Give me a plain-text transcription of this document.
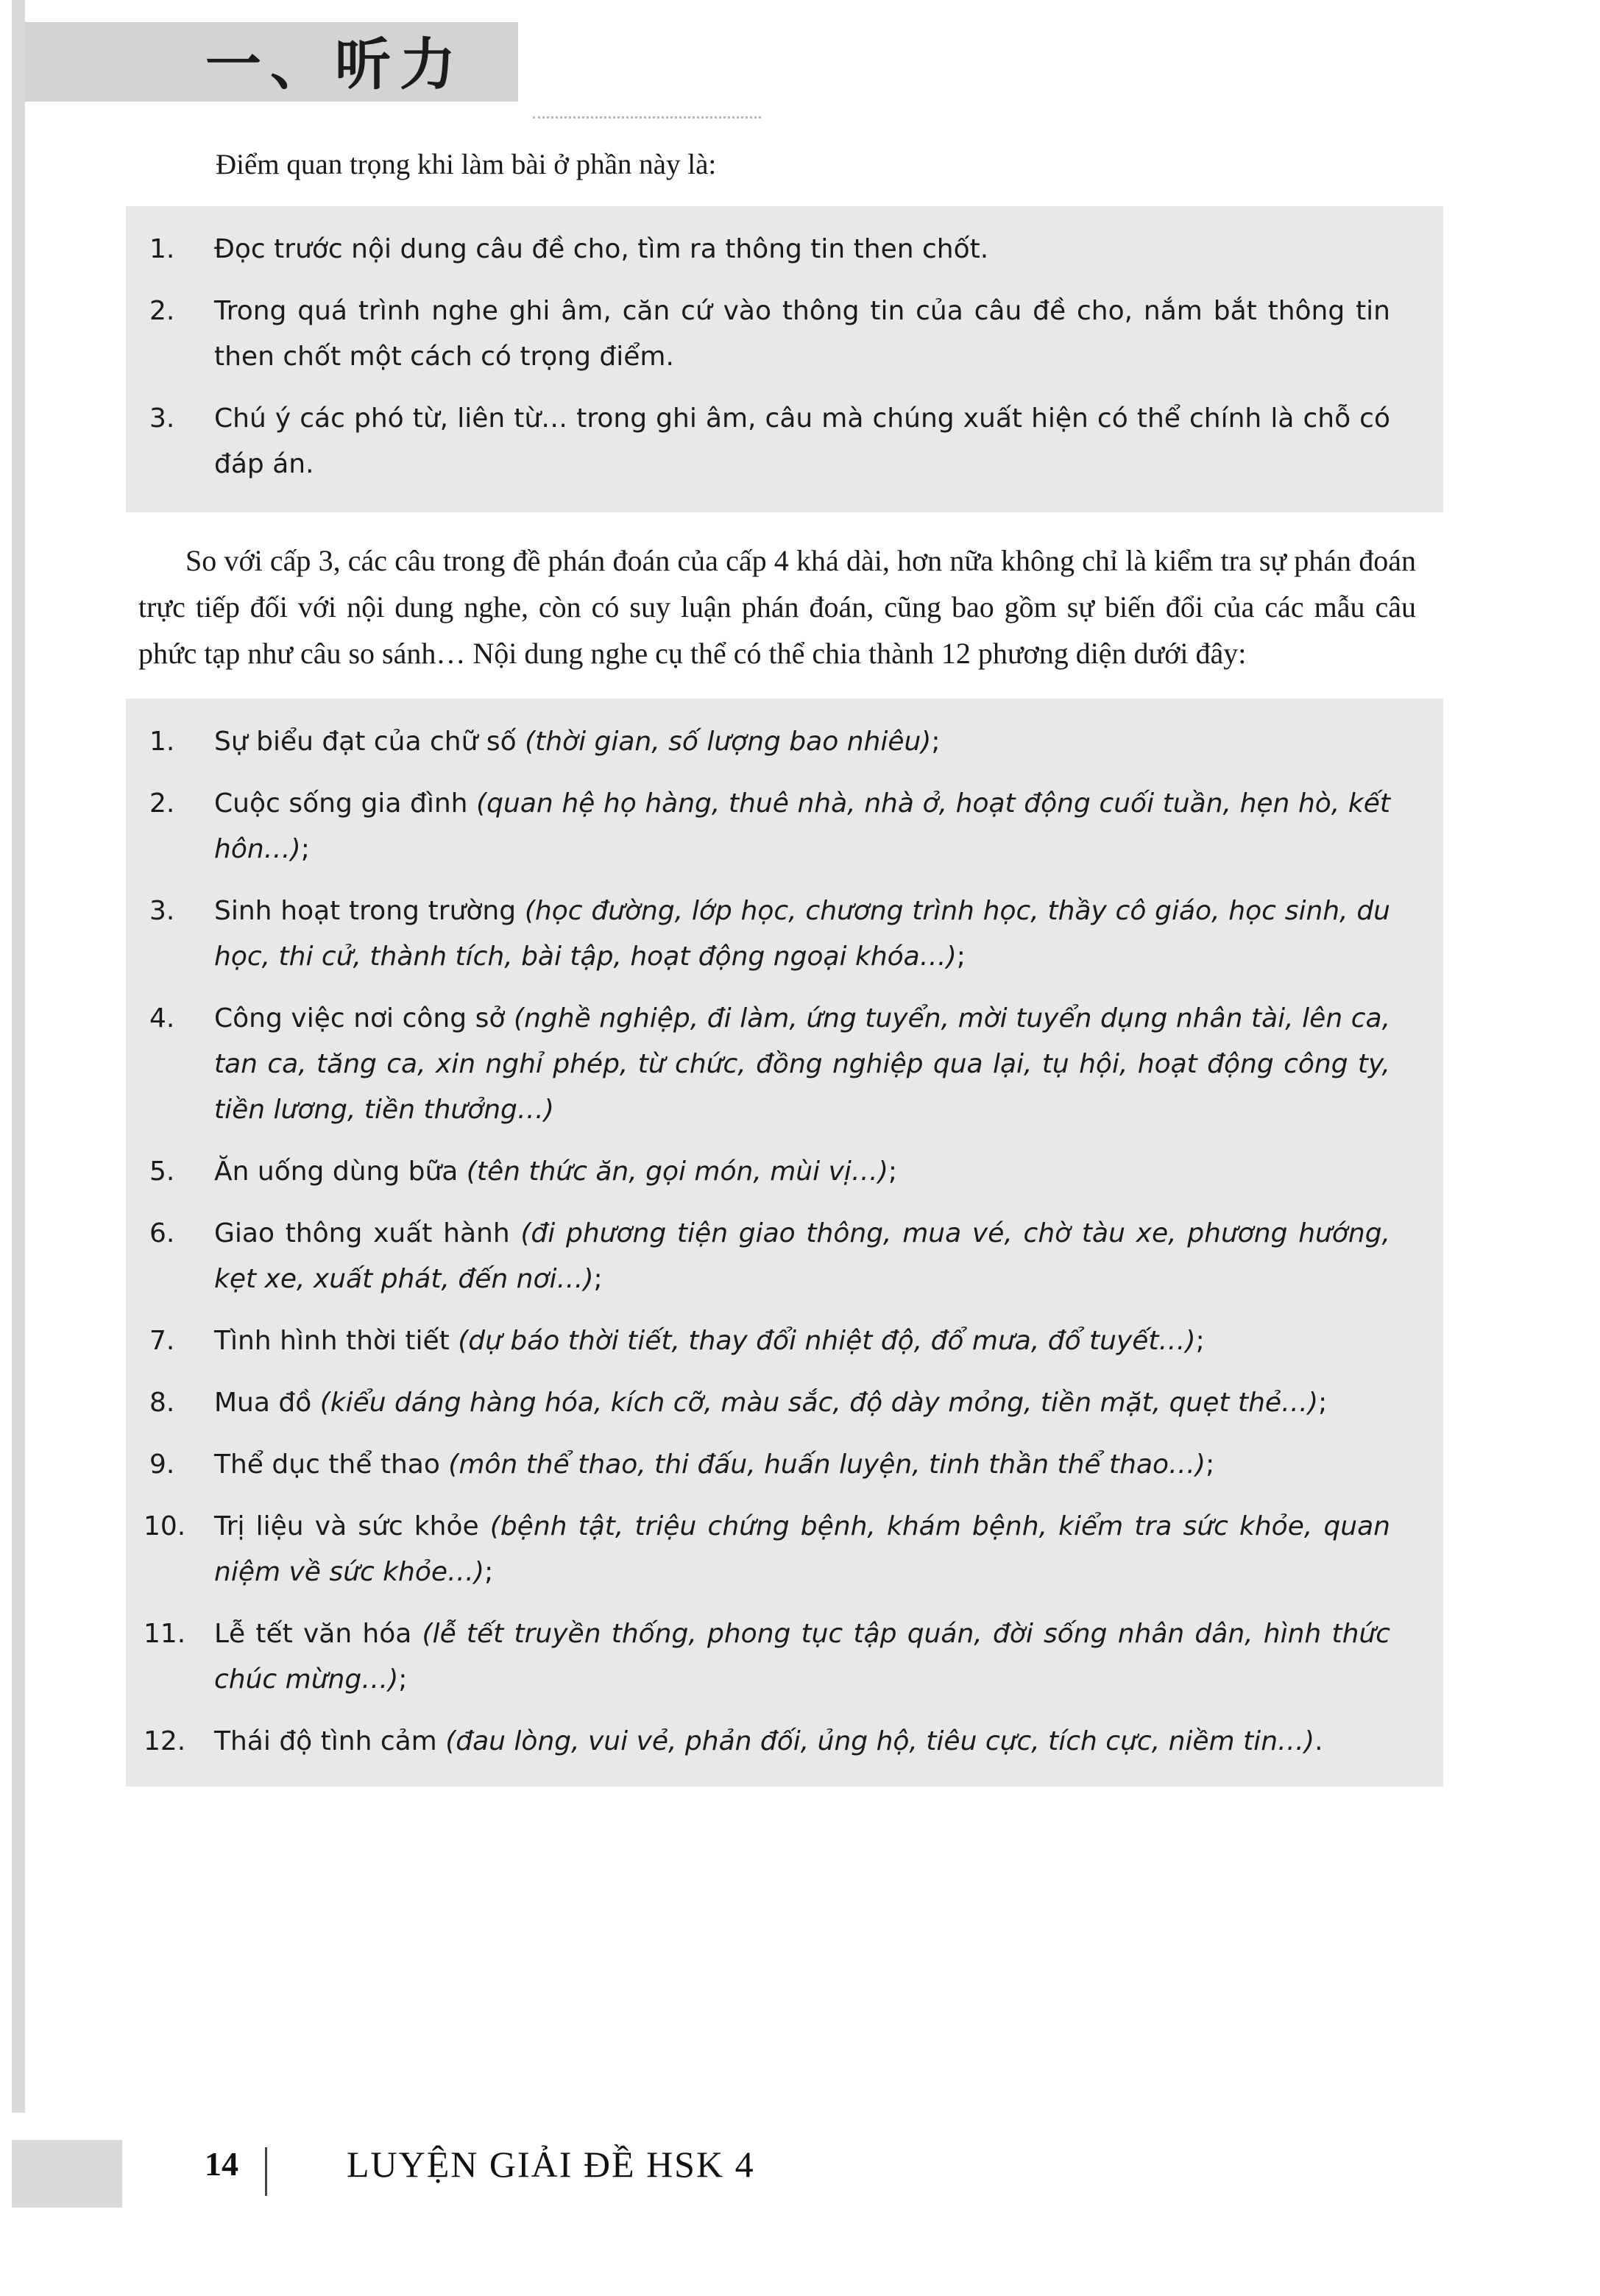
一、听力

Điểm quan trọng khi làm bài ở phần này là:

1.	Đọc trước nội dung câu đề cho, tìm ra thông tin then chốt.
2.	Trong quá trình nghe ghi âm, căn cứ vào thông tin của câu đề cho, nắm bắt thông tin then chốt một cách có trọng điểm.
3.	Chú ý các phó từ, liên từ… trong ghi âm, câu mà chúng xuất hiện có thể chính là chỗ có đáp án.

So với cấp 3, các câu trong đề phán đoán của cấp 4 khá dài, hơn nữa không chỉ là kiểm tra sự phán đoán trực tiếp đối với nội dung nghe, còn có suy luận phán đoán, cũng bao gồm sự biến đổi của các mẫu câu phức tạp như câu so sánh… Nội dung nghe cụ thể có thể chia thành 12 phương diện dưới đây:

1.	Sự biểu đạt của chữ số (thời gian, số lượng bao nhiêu);
2.	Cuộc sống gia đình (quan hệ họ hàng, thuê nhà, nhà ở, hoạt động cuối tuần, hẹn hò, kết hôn…);
3.	Sinh hoạt trong trường (học đường, lớp học, chương trình học, thầy cô giáo, học sinh, du học, thi cử, thành tích, bài tập, hoạt động ngoại khóa…);
4.	Công việc nơi công sở (nghề nghiệp, đi làm, ứng tuyển, mời tuyển dụng nhân tài, lên ca, tan ca, tăng ca, xin nghỉ phép, từ chức, đồng nghiệp qua lại, tụ hội, hoạt động công ty, tiền lương, tiền thưởng…)
5.	Ăn uống dùng bữa (tên thức ăn, gọi món, mùi vị…);
6.	Giao thông xuất hành (đi phương tiện giao thông, mua vé, chờ tàu xe, phương hướng, kẹt xe, xuất phát, đến nơi…);
7.	Tình hình thời tiết (dự báo thời tiết, thay đổi nhiệt độ, đổ mưa, đổ tuyết…);
8.	Mua đồ (kiểu dáng hàng hóa, kích cỡ, màu sắc, độ dày mỏng, tiền mặt, quẹt thẻ…);
9.	Thể dục thể thao (môn thể thao, thi đấu, huấn luyện, tinh thần thể thao…);
10.	Trị liệu và sức khỏe (bệnh tật, triệu chứng bệnh, khám bệnh, kiểm tra sức khỏe, quan niệm về sức khỏe…);
11.	Lễ tết văn hóa (lễ tết truyền thống, phong tục tập quán, đời sống nhân dân, hình thức chúc mừng…);
12.	Thái độ tình cảm (đau lòng, vui vẻ, phản đối, ủng hộ, tiêu cực, tích cực, niềm tin…).
14	LUYỆN GIẢI ĐỀ HSK 4
